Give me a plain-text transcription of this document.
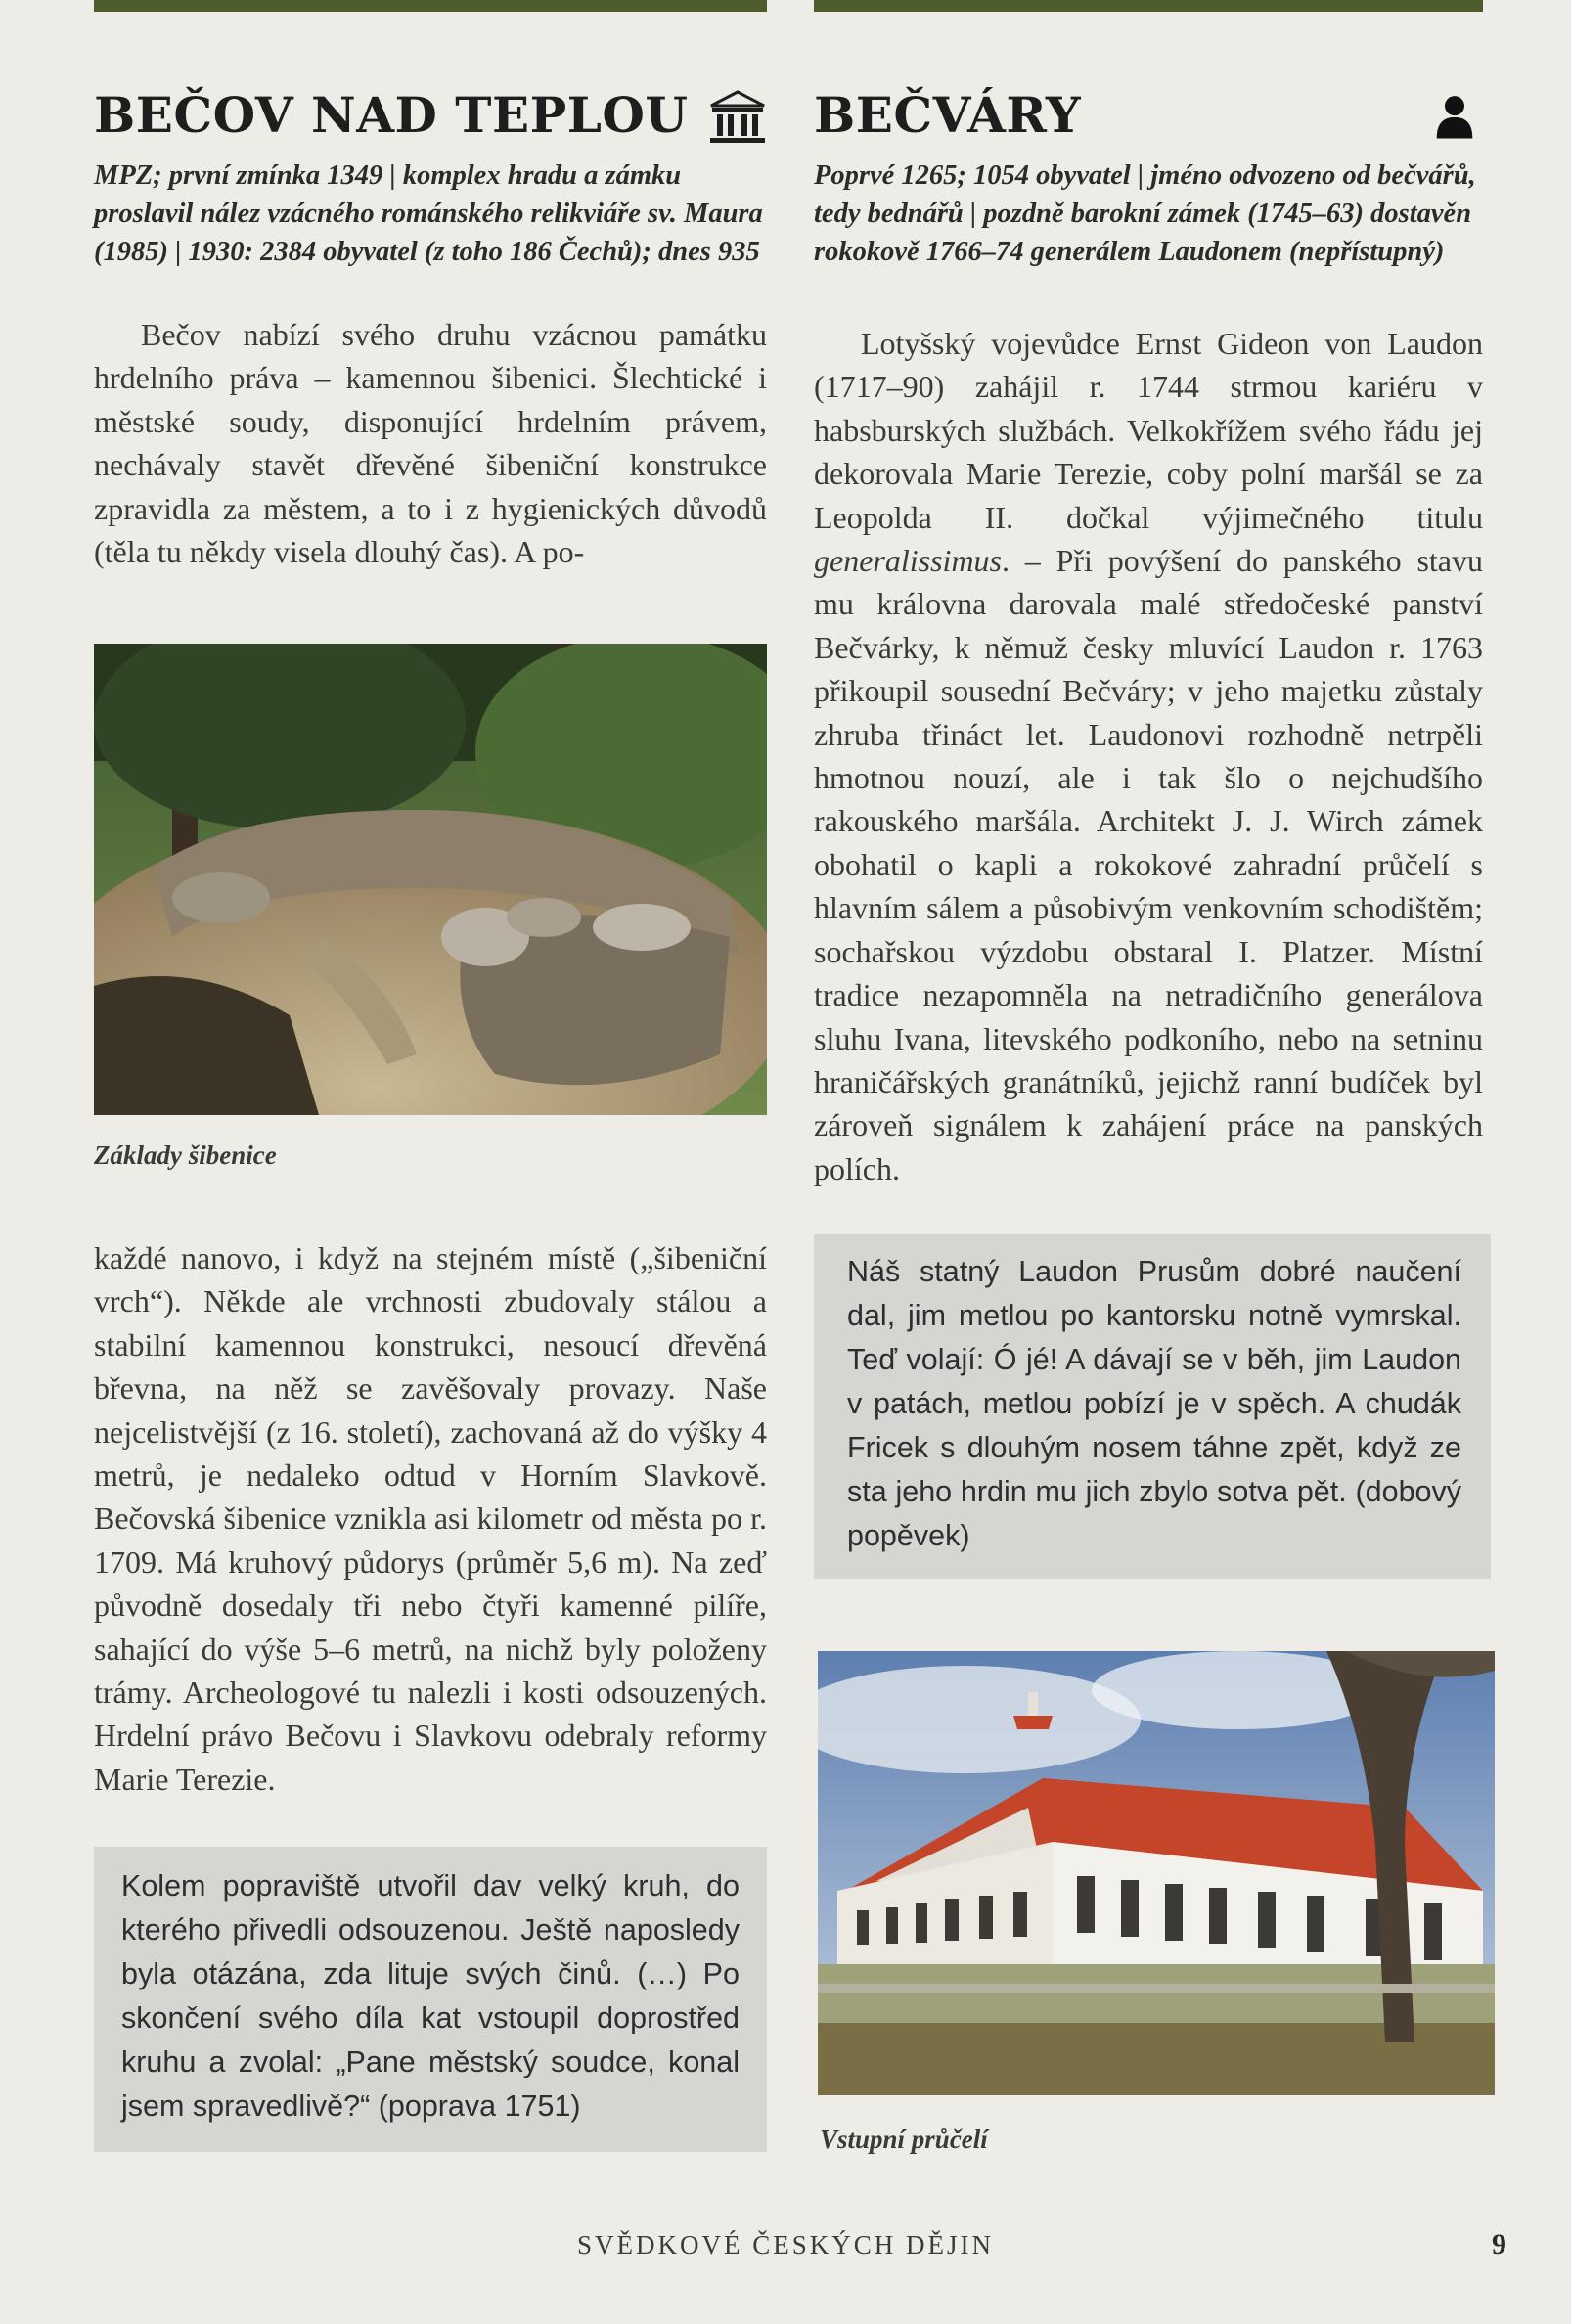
BEČOV NAD TEPLOU

MPZ; první zmínka 1349 | komplex hradu a zámku proslavil nález vzácného románského relikviáře sv. Maura (1985) | 1930: 2384 obyvatel (z toho 186 Čechů); dnes 935

Bečov nabízí svého druhu vzácnou památku hrdelního práva – kamennou šibenici. Šlechtické i městské soudy, disponující hrdelním právem, nechávaly stavět dřevěné šibeniční konstrukce zpravidla za městem, a to i z hygienických důvodů (těla tu někdy visela dlouhý čas). A po-

Základy šibenice

každé nanovo, i když na stejném místě („šibeniční vrch“). Někde ale vrchnosti zbudovaly stálou a stabilní kamennou konstrukci, nesoucí dřevěná břevna, na něž se zavěšovaly provazy. Naše nejcelistvější (z 16. století), zachovaná až do výšky 4 metrů, je nedaleko odtud v Horním Slavkově. Bečovská šibenice vznikla asi kilometr od města po r. 1709. Má kruhový půdorys (průměr 5,6 m). Na zeď původně dosedaly tři nebo čtyři kamenné pilíře, sahající do výše 5–6 metrů, na nichž byly položeny trámy. Archeologové tu nalezli i kosti odsouzených. Hrdelní právo Bečovu i Slavkovu odebraly reformy Marie Terezie.

Kolem popraviště utvořil dav velký kruh, do kterého přivedli odsouzenou. Ještě naposledy byla otázána, zda lituje svých činů. (…) Po skončení svého díla kat vstoupil doprostřed kruhu a zvolal: „Pane městský soudce, konal jsem spravedlivě?“ (poprava 1751)

BEČVÁRY

Poprvé 1265; 1054 obyvatel | jméno odvozeno od bečvářů, tedy bednářů | pozdně barokní zámek (1745–63) dostavěn rokokově 1766–74 generálem Laudonem (nepřístupný)

Lotyšský vojevůdce Ernst Gideon von Laudon (1717–90) zahájil r. 1744 strmou kariéru v habsburských službách. Velkokřížem svého řádu jej dekorovala Marie Terezie, coby polní maršál se za Leopolda II. dočkal výjimečného titulu generalissimus. – Při povýšení do panského stavu mu královna darovala malé středočeské panství Bečvárky, k němuž česky mluvící Laudon r. 1763 přikoupil sousední Bečváry; v jeho majetku zůstaly zhruba třináct let. Laudonovi rozhodně netrpěli hmotnou nouzí, ale i tak šlo o nejchudšího rakouského maršála. Architekt J. J. Wirch zámek obohatil o kapli a rokokové zahradní průčelí s hlavním sálem a působivým venkovním schodištěm; sochařskou výzdobu obstaral I. Platzer. Místní tradice nezapomněla na netradičního generálova sluhu Ivana, litevského podkoního, nebo na setninu hraničářských granátníků, jejichž ranní budíček byl zároveň signálem k zahájení práce na panských polích.

Náš statný Laudon Prusům dobré naučení dal, jim metlou po kantorsku notně vymrskal. Teď volají: Ó jé! A dávají se v běh, jim Laudon v patách, metlou pobízí je v spěch. A chudák Fricek s dlouhým nosem táhne zpět, když ze sta jeho hrdin mu jich zbylo sotva pět. (dobový popěvek)

Vstupní průčelí
SVĚDKOVÉ ČESKÝCH DĚJIN	9
